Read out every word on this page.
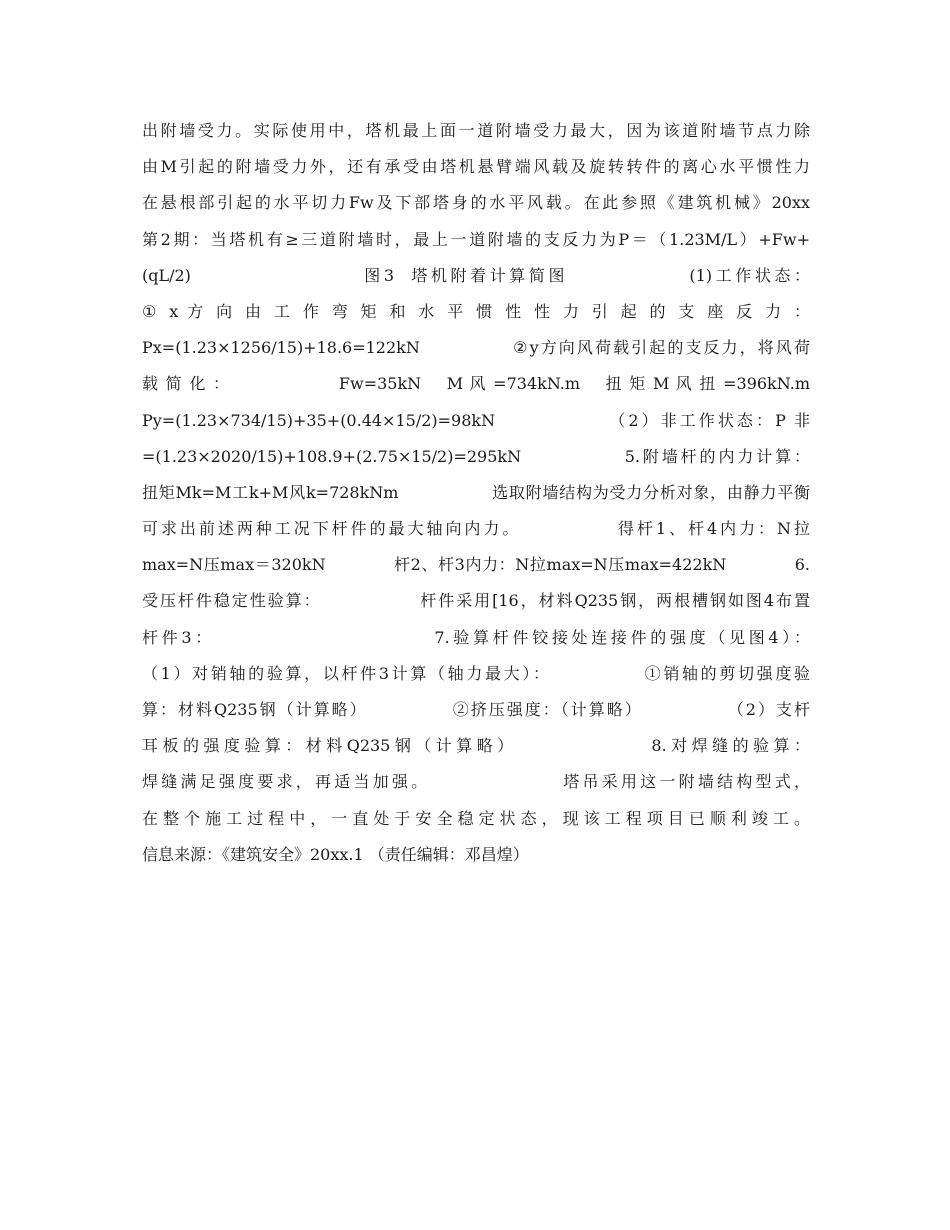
出附墙受力。实际使用中，塔机最上面一道附墙受力最大，因为该道附墙节点力除
由M引起的附墙受力外，还有承受由塔机悬臂端风载及旋转转件的离心水平惯性力
在悬根部引起的水平切力Fw及下部塔身的水平风载。在此参照《建筑机械》20xx
第2期：当塔机有≥三道附墙时，最上一道附墙的支反力为P＝（1.23M/L）+Fw+
(qL/2)                    图3  塔机附着计算简图              (1)工作状态：
① x 方 向 由 工 作 弯 矩 和 水 平 惯 性 性 力 引 起 的 支 座 反 力 ：
Px=(1.23×1256/15)+18.6=122kN             ②y方向风荷载引起的支反力，将风荷
载 简 化 ：                 Fw=35kN    M 风 =734kN.m    扭 矩 M 风 扭 =396kN.m
Py=(1.23×734/15)+35+(0.44×15/2)=98kN              （2）非工作状态：P 非
=(1.23×2020/15)+108.9+(2.75×15/2)=295kN             5.附墙杆的内力计算：
扭矩Mk=M工k+M风k=728kNm                选取附墙结构为受力分析对象，由静力平衡
可求出前述两种工况下杆件的最大轴向内力。            得杆1、杆4内力：N拉
max=N压max＝320kN            杆2、杆3内力：N拉max=N压max=422kN            6.
受压杆件稳定性验算：              杆件采用[16，材料Q235钢，两根槽钢如图4布置
杆件3：                         7.验算杆件铰接处连接件的强度（见图4）：
（1）对销轴的验算，以杆件3计算（轴力最大）：            ①销轴的剪切强度验
算：材料Q235钢（计算略）            ②挤压强度：（计算略）            （2）支杆
耳板的强度验算：材料Q235钢（计算略）              8.对焊缝的验算：
焊缝满足强度要求，再适当加强。                塔吊采用这一附墙结构型式，
在整个施工过程中，一直处于安全稳定状态，现该工程项目已顺利竣工。
信息来源：《建筑安全》20xx.1 （责任编辑：邓昌煌）
